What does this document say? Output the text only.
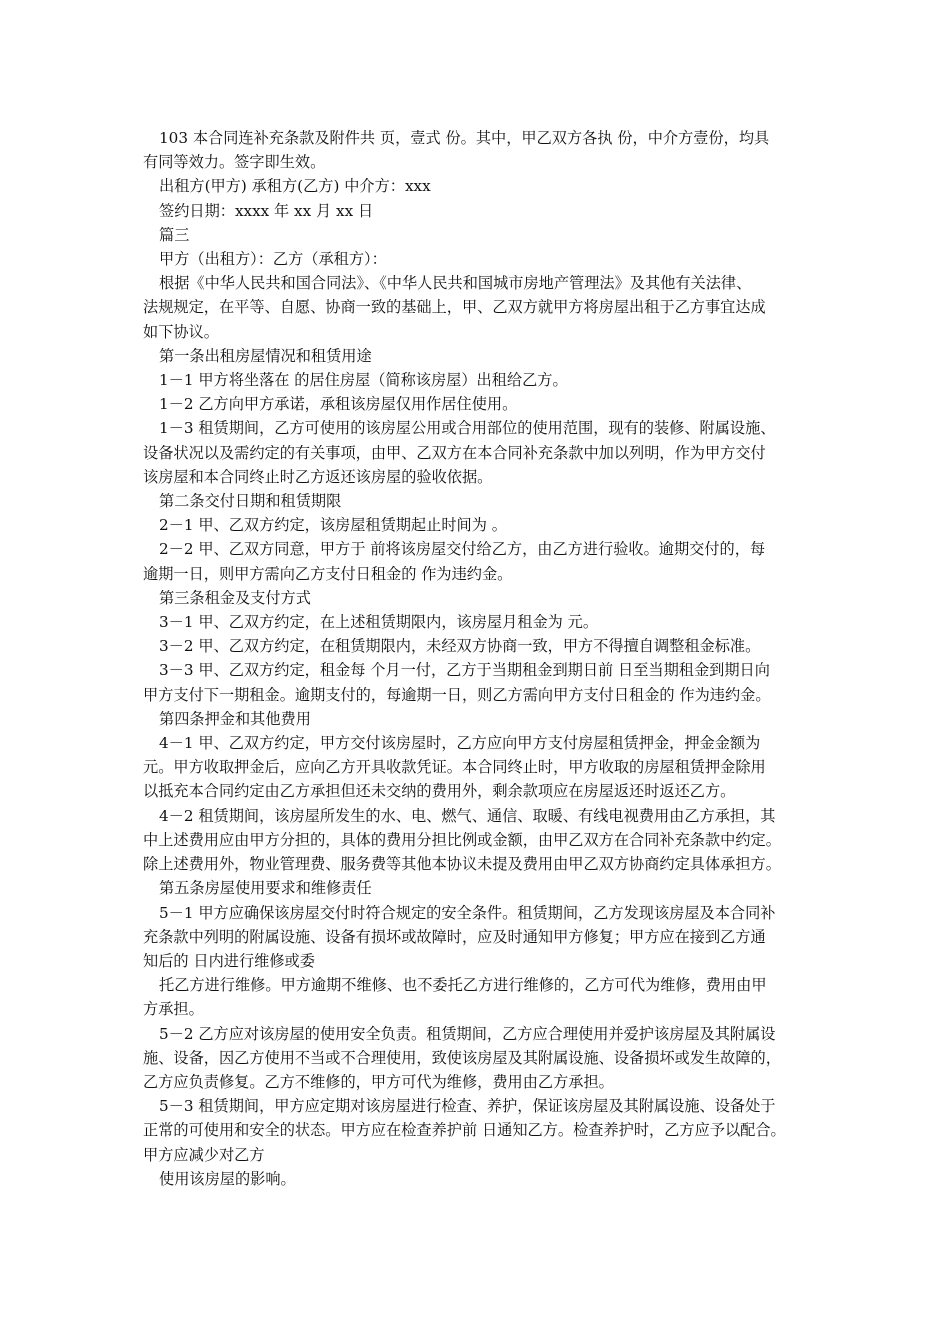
103 本合同连补充条款及附件共 页，壹式 份。其中，甲乙双方各执 份，中介方壹份，均具

有同等效力。签字即生效。

出租方(甲方) 承租方(乙方) 中介方：xxx

签约日期：xxxx 年 xx 月 xx 日

篇三

甲方（出租方）：乙方（承租方）：

根据《中华人民共和国合同法》、《中华人民共和国城市房地产管理法》及其他有关法律、

法规规定，在平等、自愿、协商一致的基础上，甲、乙双方就甲方将房屋出租于乙方事宜达成

如下协议。

第一条出租房屋情况和租赁用途

1－1 甲方将坐落在 的居住房屋（简称该房屋）出租给乙方。

1－2 乙方向甲方承诺，承租该房屋仅用作居住使用。

1－3 租赁期间，乙方可使用的该房屋公用或合用部位的使用范围，现有的装修、附属设施、

设备状况以及需约定的有关事项，由甲、乙双方在本合同补充条款中加以列明，作为甲方交付

该房屋和本合同终止时乙方返还该房屋的验收依据。

第二条交付日期和租赁期限

2－1 甲、乙双方约定，该房屋租赁期起止时间为 。

2－2 甲、乙双方同意，甲方于 前将该房屋交付给乙方，由乙方进行验收。逾期交付的，每

逾期一日，则甲方需向乙方支付日租金的 作为违约金。

第三条租金及支付方式

3－1 甲、乙双方约定，在上述租赁期限内，该房屋月租金为 元。

3－2 甲、乙双方约定，在租赁期限内，未经双方协商一致，甲方不得擅自调整租金标准。

3－3 甲、乙双方约定，租金每 个月一付，乙方于当期租金到期日前 日至当期租金到期日向

甲方支付下一期租金。逾期支付的，每逾期一日，则乙方需向甲方支付日租金的 作为违约金。

第四条押金和其他费用

4－1 甲、乙双方约定，甲方交付该房屋时，乙方应向甲方支付房屋租赁押金，押金金额为

元。甲方收取押金后，应向乙方开具收款凭证。本合同终止时，甲方收取的房屋租赁押金除用

以抵充本合同约定由乙方承担但还未交纳的费用外，剩余款项应在房屋返还时返还乙方。

4－2 租赁期间，该房屋所发生的水、电、燃气、通信、取暖、有线电视费用由乙方承担，其

中上述费用应由甲方分担的，具体的费用分担比例或金额，由甲乙双方在合同补充条款中约定。

除上述费用外，物业管理费、服务费等其他本协议未提及费用由甲乙双方协商约定具体承担方。

第五条房屋使用要求和维修责任

5－1 甲方应确保该房屋交付时符合规定的安全条件。租赁期间，乙方发现该房屋及本合同补

充条款中列明的附属设施、设备有损坏或故障时，应及时通知甲方修复；甲方应在接到乙方通

知后的 日内进行维修或委

托乙方进行维修。甲方逾期不维修、也不委托乙方进行维修的，乙方可代为维修，费用由甲

方承担。

5－2 乙方应对该房屋的使用安全负责。租赁期间，乙方应合理使用并爱护该房屋及其附属设

施、设备，因乙方使用不当或不合理使用，致使该房屋及其附属设施、设备损坏或发生故障的，

乙方应负责修复。乙方不维修的，甲方可代为维修，费用由乙方承担。

5－3 租赁期间，甲方应定期对该房屋进行检查、养护，保证该房屋及其附属设施、设备处于

正常的可使用和安全的状态。甲方应在检查养护前 日通知乙方。检查养护时，乙方应予以配合。

甲方应减少对乙方

使用该房屋的影响。
